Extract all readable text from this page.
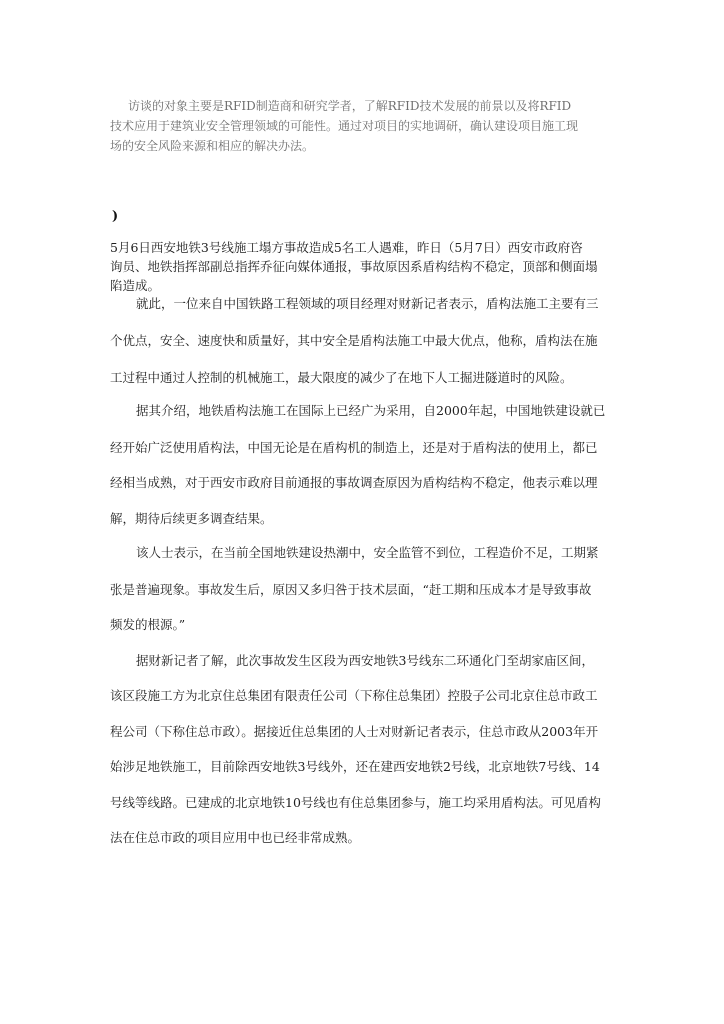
访谈的对象主要是RFID制造商和研究学者，了解RFID技术发展的前景以及将RFID

技术应用于建筑业安全管理领域的可能性。通过对项目的实地调研，确认建设项目施工现

场的安全风险来源和相应的解决办法。

)

5月6日西安地铁3号线施工塌方事故造成5名工人遇难，昨日（5月7日）西安市政府咨

询员、地铁指挥部副总指挥乔征向媒体通报，事故原因系盾构结构不稳定，顶部和侧面塌

陷造成。

就此，一位来自中国铁路工程领域的项目经理对财新记者表示，盾构法施工主要有三

个优点，安全、速度快和质量好，其中安全是盾构法施工中最大优点，他称，盾构法在施

工过程中通过人控制的机械施工，最大限度的减少了在地下人工掘进隧道时的风险。

据其介绍，地铁盾构法施工在国际上已经广为采用，自2000年起，中国地铁建设就已

经开始广泛使用盾构法，中国无论是在盾构机的制造上，还是对于盾构法的使用上，都已

经相当成熟，对于西安市政府目前通报的事故调查原因为盾构结构不稳定，他表示难以理

解，期待后续更多调查结果。

该人士表示，在当前全国地铁建设热潮中，安全监管不到位，工程造价不足，工期紧

张是普遍现象。事故发生后，原因又多归咎于技术层面，“赶工期和压成本才是导致事故

频发的根源。”

据财新记者了解，此次事故发生区段为西安地铁3号线东二环通化门至胡家庙区间，

该区段施工方为北京住总集团有限责任公司（下称住总集团）控股子公司北京住总市政工

程公司（下称住总市政）。据接近住总集团的人士对财新记者表示，住总市政从2003年开

始涉足地铁施工，目前除西安地铁3号线外，还在建西安地铁2号线，北京地铁7号线、14

号线等线路。已建成的北京地铁10号线也有住总集团参与，施工均采用盾构法。可见盾构

法在住总市政的项目应用中也已经非常成熟。
